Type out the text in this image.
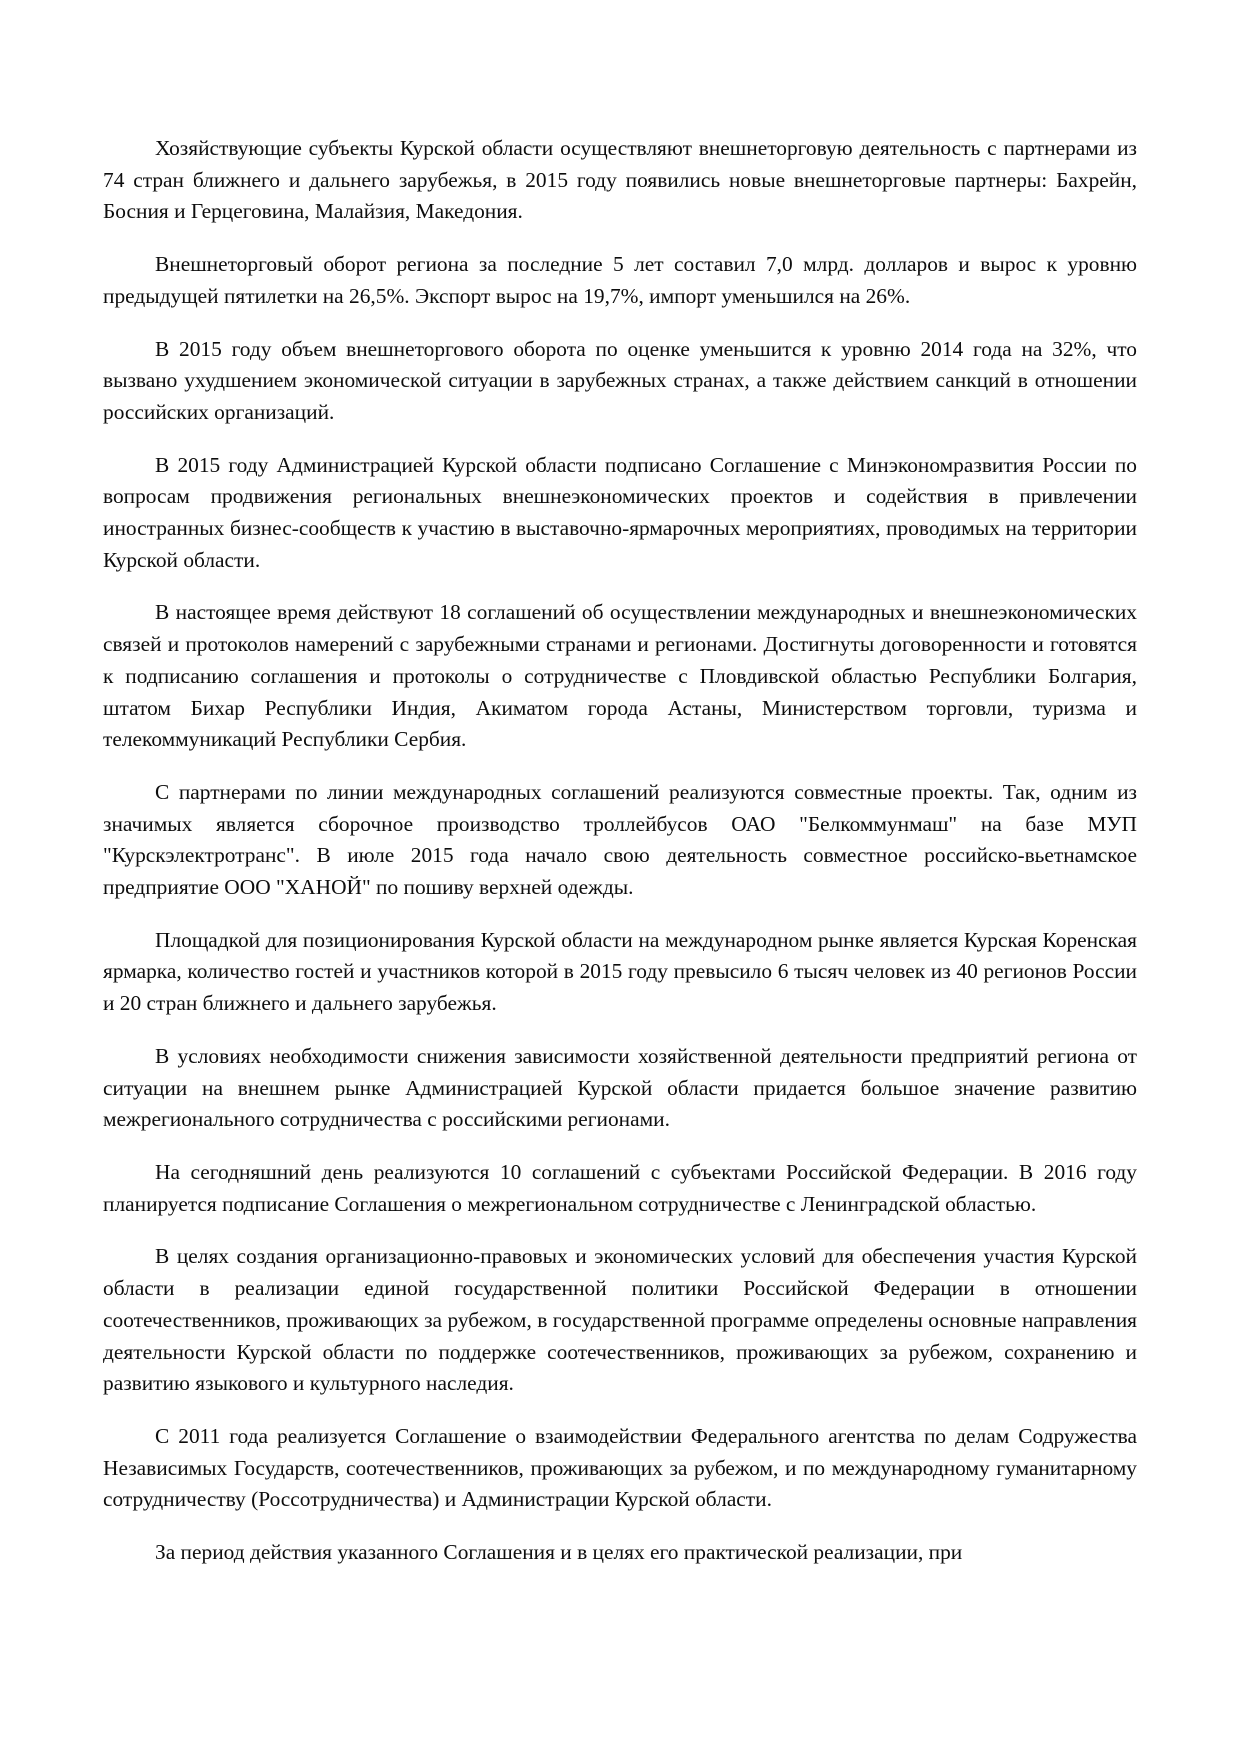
Хозяйствующие субъекты Курской области осуществляют внешнеторговую деятельность с партнерами из 74 стран ближнего и дальнего зарубежья, в 2015 году появились новые внешнеторговые партнеры: Бахрейн, Босния и Герцеговина, Малайзия, Македония.

Внешнеторговый оборот региона за последние 5 лет составил 7,0 млрд. долларов и вырос к уровню предыдущей пятилетки на 26,5%. Экспорт вырос на 19,7%, импорт уменьшился на 26%.

В 2015 году объем внешнеторгового оборота по оценке уменьшится к уровню 2014 года на 32%, что вызвано ухудшением экономической ситуации в зарубежных странах, а также действием санкций в отношении российских организаций.

В 2015 году Администрацией Курской области подписано Соглашение с Минэкономразвития России по вопросам продвижения региональных внешнеэкономических проектов и содействия в привлечении иностранных бизнес-сообществ к участию в выставочно-ярмарочных мероприятиях, проводимых на территории Курской области.

В настоящее время действуют 18 соглашений об осуществлении международных и внешнеэкономических связей и протоколов намерений с зарубежными странами и регионами. Достигнуты договоренности и готовятся к подписанию соглашения и протоколы о сотрудничестве с Пловдивской областью Республики Болгария, штатом Бихар Республики Индия, Акиматом города Астаны, Министерством торговли, туризма и телекоммуникаций Республики Сербия.

С партнерами по линии международных соглашений реализуются совместные проекты. Так, одним из значимых является сборочное производство троллейбусов ОАО "Белкоммунмаш" на базе МУП "Курскэлектротранс". В июле 2015 года начало свою деятельность совместное российско-вьетнамское предприятие ООО "ХАНОЙ" по пошиву верхней одежды.

Площадкой для позиционирования Курской области на международном рынке является Курская Коренская ярмарка, количество гостей и участников которой в 2015 году превысило 6 тысяч человек из 40 регионов России и 20 стран ближнего и дальнего зарубежья.

В условиях необходимости снижения зависимости хозяйственной деятельности предприятий региона от ситуации на внешнем рынке Администрацией Курской области придается большое значение развитию межрегионального сотрудничества с российскими регионами.

На сегодняшний день реализуются 10 соглашений с субъектами Российской Федерации. В 2016 году планируется подписание Соглашения о межрегиональном сотрудничестве с Ленинградской областью.

В целях создания организационно-правовых и экономических условий для обеспечения участия Курской области в реализации единой государственной политики Российской Федерации в отношении соотечественников, проживающих за рубежом, в государственной программе определены основные направления деятельности Курской области по поддержке соотечественников, проживающих за рубежом, сохранению и развитию языкового и культурного наследия.

С 2011 года реализуется Соглашение о взаимодействии Федерального агентства по делам Содружества Независимых Государств, соотечественников, проживающих за рубежом, и по международному гуманитарному сотрудничеству (Россотрудничества) и Администрации Курской области.

За период действия указанного Соглашения и в целях его практической реализации, при
